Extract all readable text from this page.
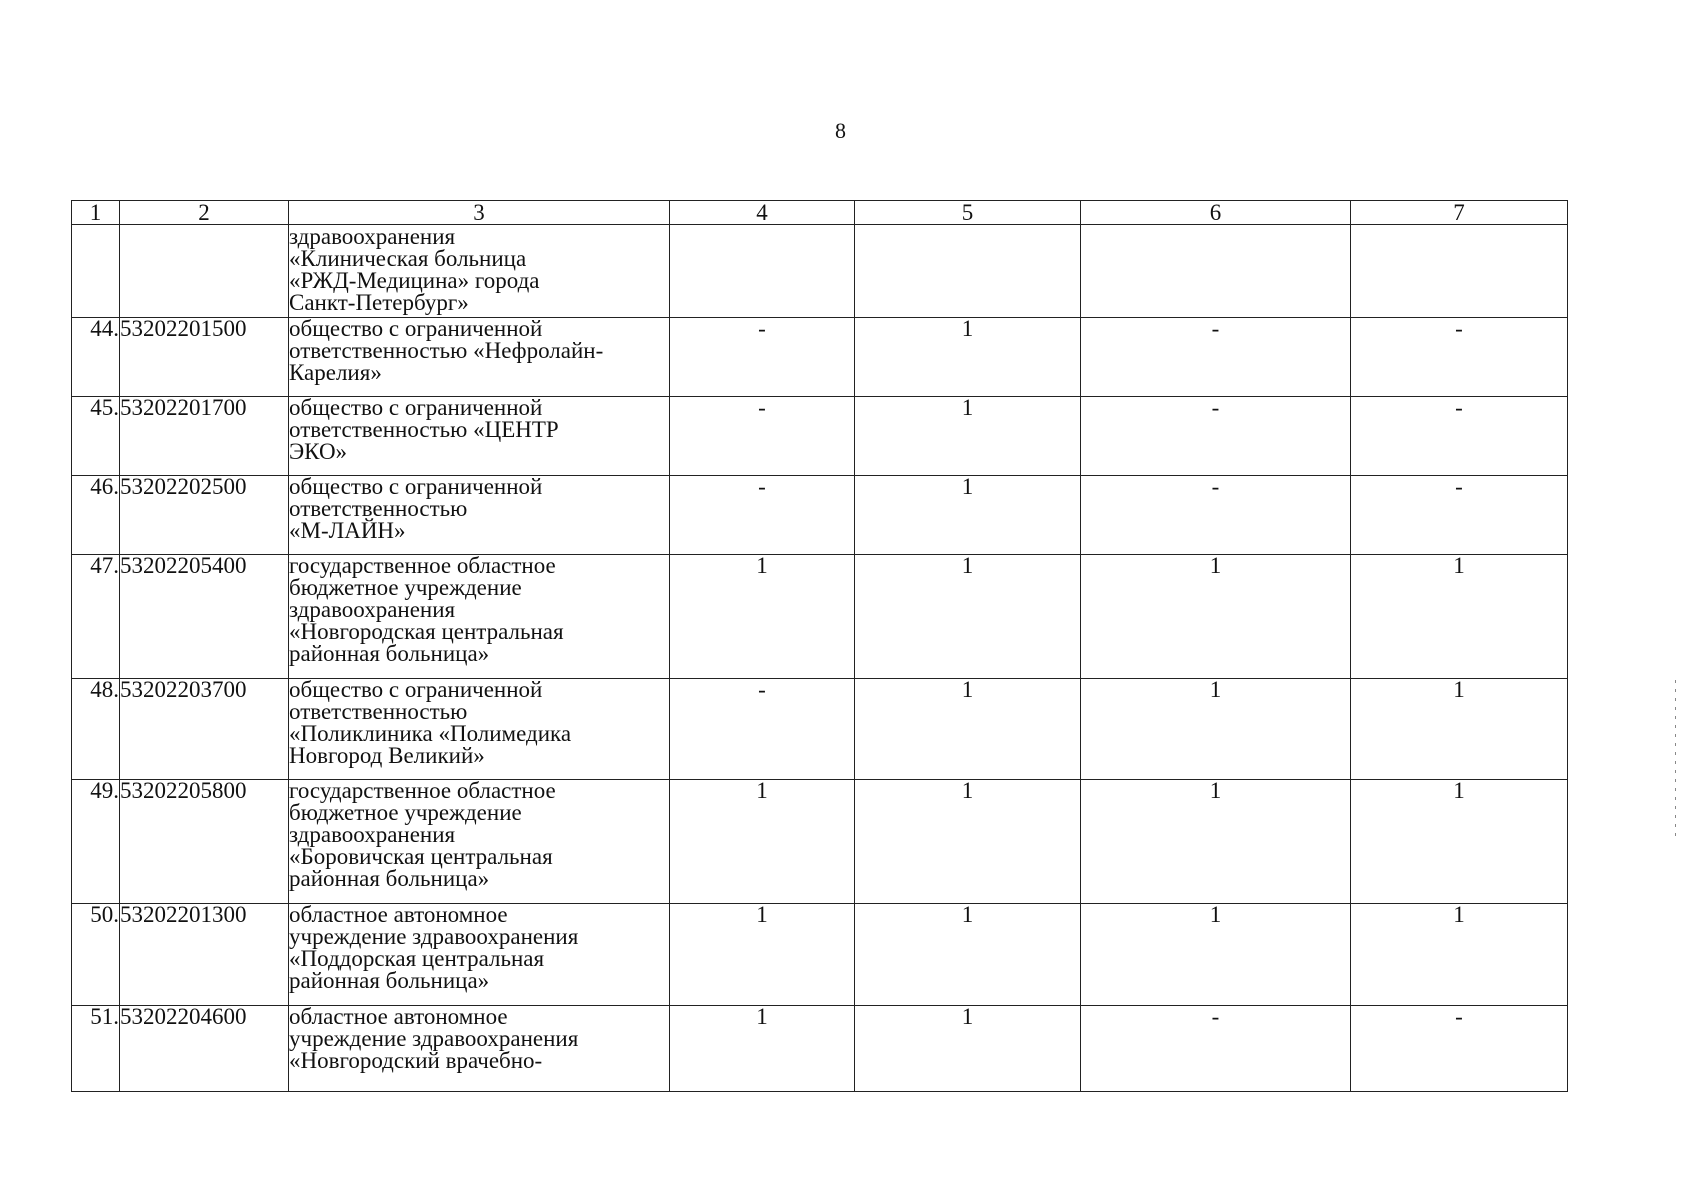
8
1	2	3	4	5	6	7
		здравоохранения
«Клиническая больница
«РЖД-Медицина» города
Санкт-Петербург»				
44.	53202201500	общество с ограниченной
ответственностью «Нефролайн-
Карелия»	-	1	-	-
45.	53202201700	общество с ограниченной
ответственностью «ЦЕНТР
ЭКО»	-	1	-	-
46.	53202202500	общество с ограниченной
ответственностью
«М-ЛАЙН»	-	1	-	-
47.	53202205400	государственное областное
бюджетное учреждение
здравоохранения
«Новгородская центральная
районная больница»	1	1	1	1
48.	53202203700	общество с ограниченной
ответственностью
«Поликлиника «Полимедика
Новгород Великий»	-	1	1	1
49.	53202205800	государственное областное
бюджетное учреждение
здравоохранения
«Боровичская центральная
районная больница»	1	1	1	1
50.	53202201300	областное автономное
учреждение здравоохранения
«Поддорская центральная
районная больница»	1	1	1	1
51.	53202204600	областное автономное
учреждение здравоохранения
«Новгородский врачебно-	1	1	-	-
